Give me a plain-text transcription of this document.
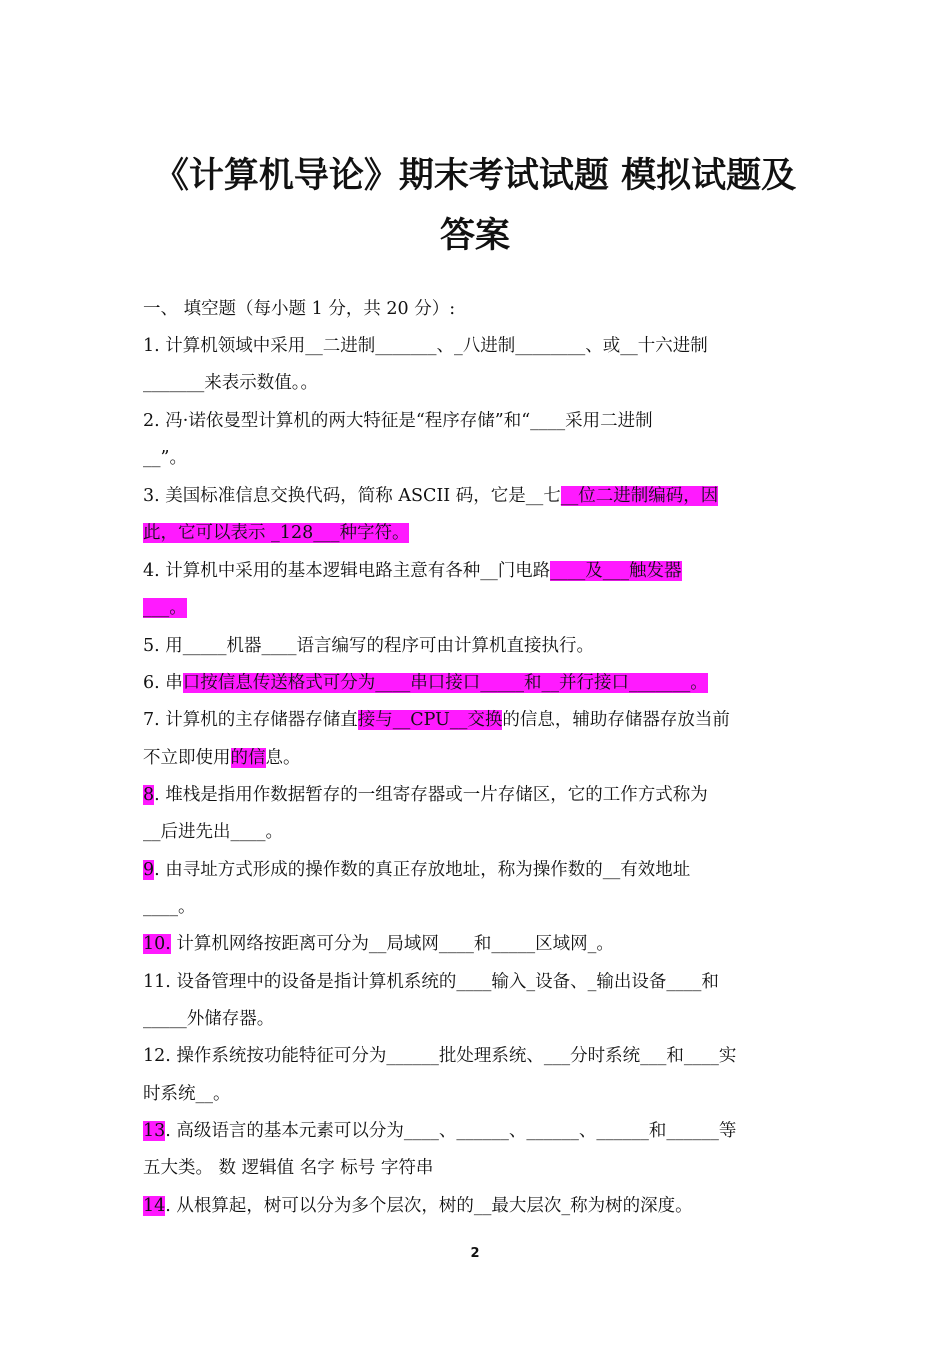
《计算机导论》期末考试试题 模拟试题及
答案
一、 填空题（每小题 1 分，共 20 分）:
1. 计算机领域中采用__二进制_______、_八进制________、或__十六进制
_______来表示数值。。
2. 冯·诺依曼型计算机的两大特征是“程序存储”和“____采用二进制
__”。
3. 美国标准信息交换代码，简称 ASCII 码，它是__七__位二进制编码，因
此，它可以表示 _128___种字符。
4. 计算机中采用的基本逻辑电路主意有各种__门电路____及___触发器
___。
5. 用_____机器____语言编写的程序可由计算机直接执行。
6. 串口按信息传送格式可分为____串口接口_____和__并行接口_______。
7. 计算机的主存储器存储直接与__CPU__交换的信息，辅助存储器存放当前
不立即使用的信息。
8. 堆栈是指用作数据暂存的一组寄存器或一片存储区，它的工作方式称为
__后进先出____。
9. 由寻址方式形成的操作数的真正存放地址，称为操作数的__有效地址
____。
10. 计算机网络按距离可分为__局域网____和_____区域网_。
11. 设备管理中的设备是指计算机系统的____输入_设备、_输出设备____和
_____外储存器。
12. 操作系统按功能特征可分为______批处理系统、___分时系统___和____实
时系统__。
13. 高级语言的基本元素可以分为____、______、______、______和______等
五大类。 数 逻辑值 名字 标号 字符串
14. 从根算起，树可以分为多个层次，树的__最大层次_称为树的深度。
2
